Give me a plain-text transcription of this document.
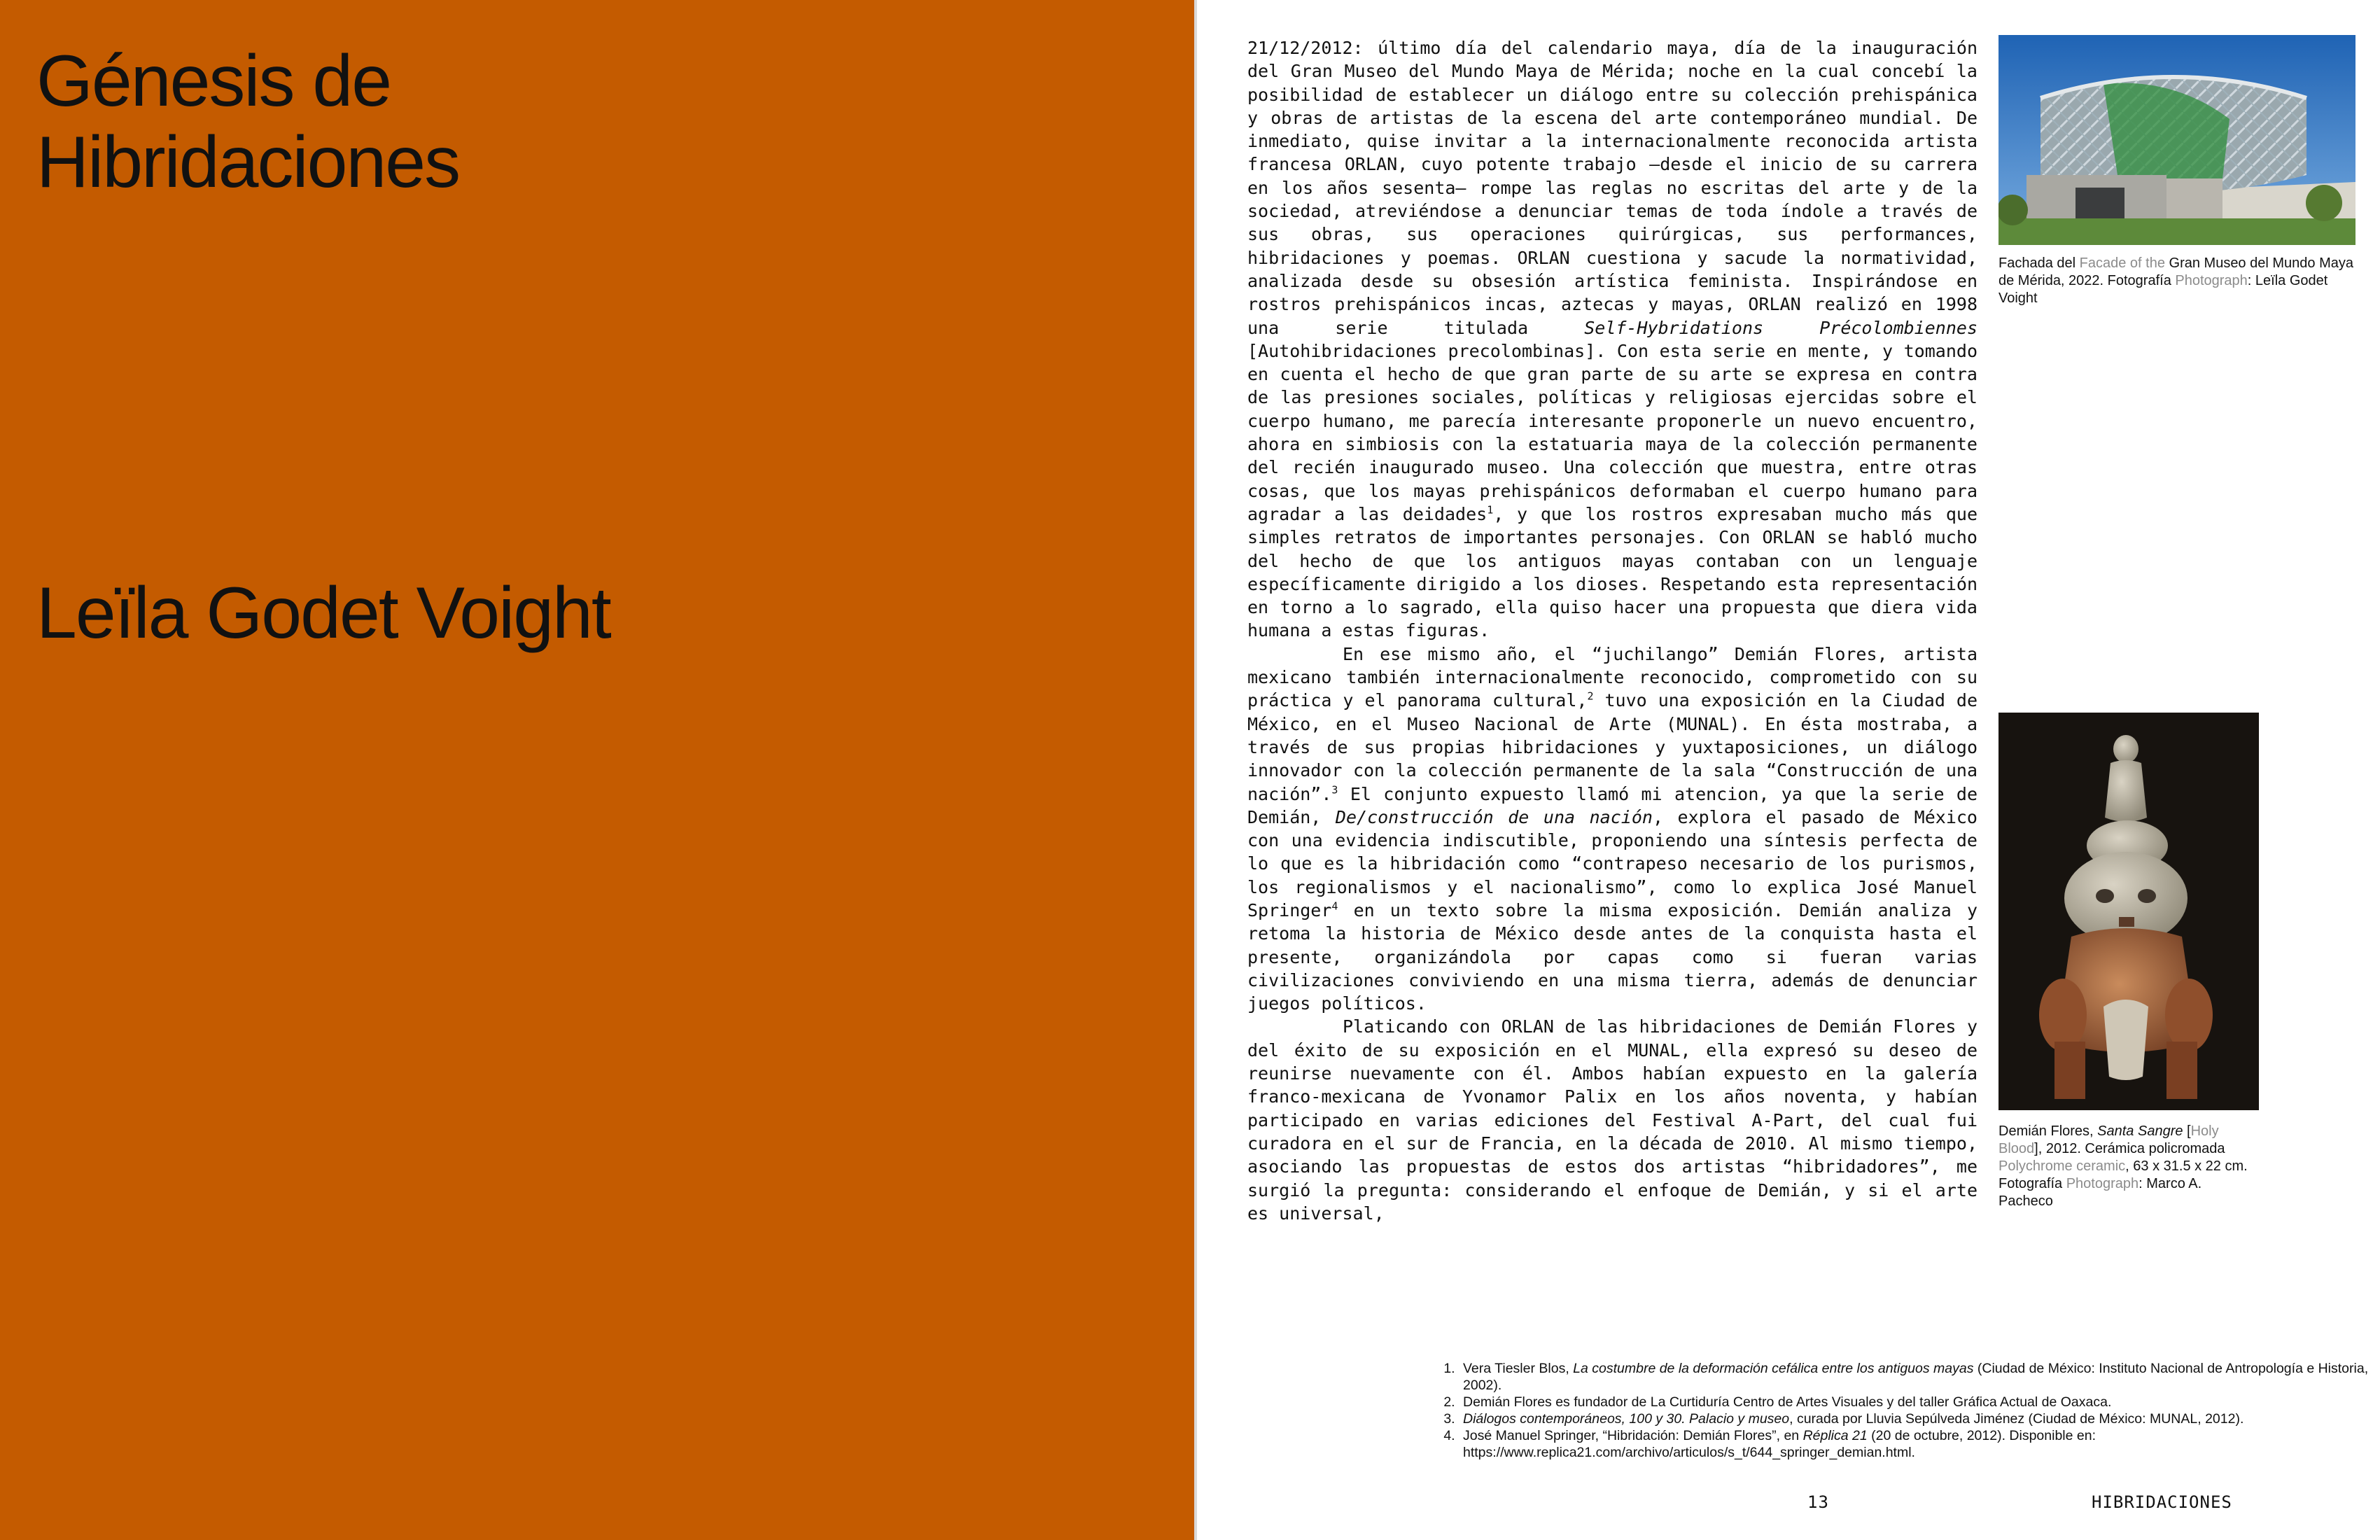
Génesis de
Hibridaciones
Leïla Godet Voight

21/12/2012: último día del calendario maya, día de la inauguración del Gran Museo del Mundo Maya de Mérida; noche en la cual concebí la posibilidad de establecer un diálogo entre su colección prehispánica y obras de artistas de la escena del arte contemporáneo mundial. De inmediato, quise invitar a la internacionalmente reconocida artista francesa ORLAN, cuyo potente trabajo —desde el inicio de su carrera en los años sesenta— rompe las reglas no escritas del arte y de la sociedad, atreviéndose a denunciar temas de toda índole a través de sus obras, sus operaciones quirúrgicas, sus performances, hibridaciones y poemas. ORLAN cuestiona y sacude la normatividad, analizada desde su obsesión artística feminista. Inspirándose en rostros prehispánicos incas, aztecas y mayas, ORLAN realizó en 1998 una serie titulada Self-Hybridations Précolombiennes [Autohibridaciones precolombinas]. Con esta serie en mente, y tomando en cuenta el hecho de que gran parte de su arte se expresa en contra de las presiones sociales, políticas y religiosas ejercidas sobre el cuerpo humano, me parecía interesante proponerle un nuevo encuentro, ahora en simbiosis con la estatuaria maya de la colección permanente del recién inaugurado museo. Una colección que muestra, entre otras cosas, que los mayas prehispánicos deformaban el cuerpo humano para agradar a las deidades$^1$, y que los rostros expresaban mucho más que simples retratos de importantes personajes. Con ORLAN se habló mucho del hecho de que los antiguos mayas contaban con un lenguaje específicamente dirigido a los dioses. Respetando esta representación en torno a lo sagrado, ella quiso hacer una propuesta que diera vida humana a estas figuras.

En ese mismo año, el “juchilango” Demián Flores, artista mexicano también internacionalmente reconocido, comprometido con su práctica y el panorama cultural,$^2$ tuvo una exposición en la Ciudad de México, en el Museo Nacional de Arte (MUNAL). En ésta mostraba, a través de sus propias hibridaciones y yuxtaposiciones, un diálogo innovador con la colección permanente de la sala “Construcción de una nación”.$^3$ El conjunto expuesto llamó mi atencion, ya que la serie de Demián, De/construcción de una nación, explora el pasado de México con una evidencia indiscutible, proponiendo una síntesis perfecta de lo que es la hibridación como “contrapeso necesario de los purismos, los regionalismos y el nacionalismo”, como lo explica José Manuel Springer$^4$ en un texto sobre la misma exposición. Demián analiza y retoma la historia de México desde antes de la conquista hasta el presente, organizándola por capas como si fueran varias civilizaciones conviviendo en una misma tierra, además de denunciar juegos políticos.

Platicando con ORLAN de las hibridaciones de Demián Flores y del éxito de su exposición en el MUNAL, ella expresó su deseo de reunirse nuevamente con él. Ambos habían expuesto en la galería franco-mexicana de Yvonamor Palix en los años noventa, y habían participado en varias ediciones del Festival A-Part, del cual fui curadora en el sur de Francia, en la década de 2010. Al mismo tiempo, asociando las propuestas de estos dos artistas “hibridadores”, me surgió la pregunta: considerando el enfoque de Demián, y si el arte es universal,

Fachada del Facade of the Gran Museo del Mundo Maya de Mérida, 2022. Fotografía Photograph: Leïla Godet Voight

Demián Flores, Santa Sangre [Holy Blood], 2012. Cerámica policromada Polychrome ceramic, 63 x 31.5 x 22 cm. Fotografía Photograph: Marco A. Pacheco

1. Vera Tiesler Blos, La costumbre de la deformación cefálica entre los antiguos mayas (Ciudad de México: Instituto Nacional de Antropología e Historia, 2002).
2. Demián Flores es fundador de La Curtiduría Centro de Artes Visuales y del taller Gráfica Actual de Oaxaca.
3. Diálogos contemporáneos, 100 y 30. Palacio y museo, curada por Lluvia Sepúlveda Jiménez (Ciudad de México: MUNAL, 2012).
4. José Manuel Springer, “Hibridación: Demián Flores”, en Réplica 21 (20 de octubre, 2012). Disponible en: https://www.replica21.com/archivo/articulos/s_t/644_springer_demian.html.

13	HIBRIDACIONES
